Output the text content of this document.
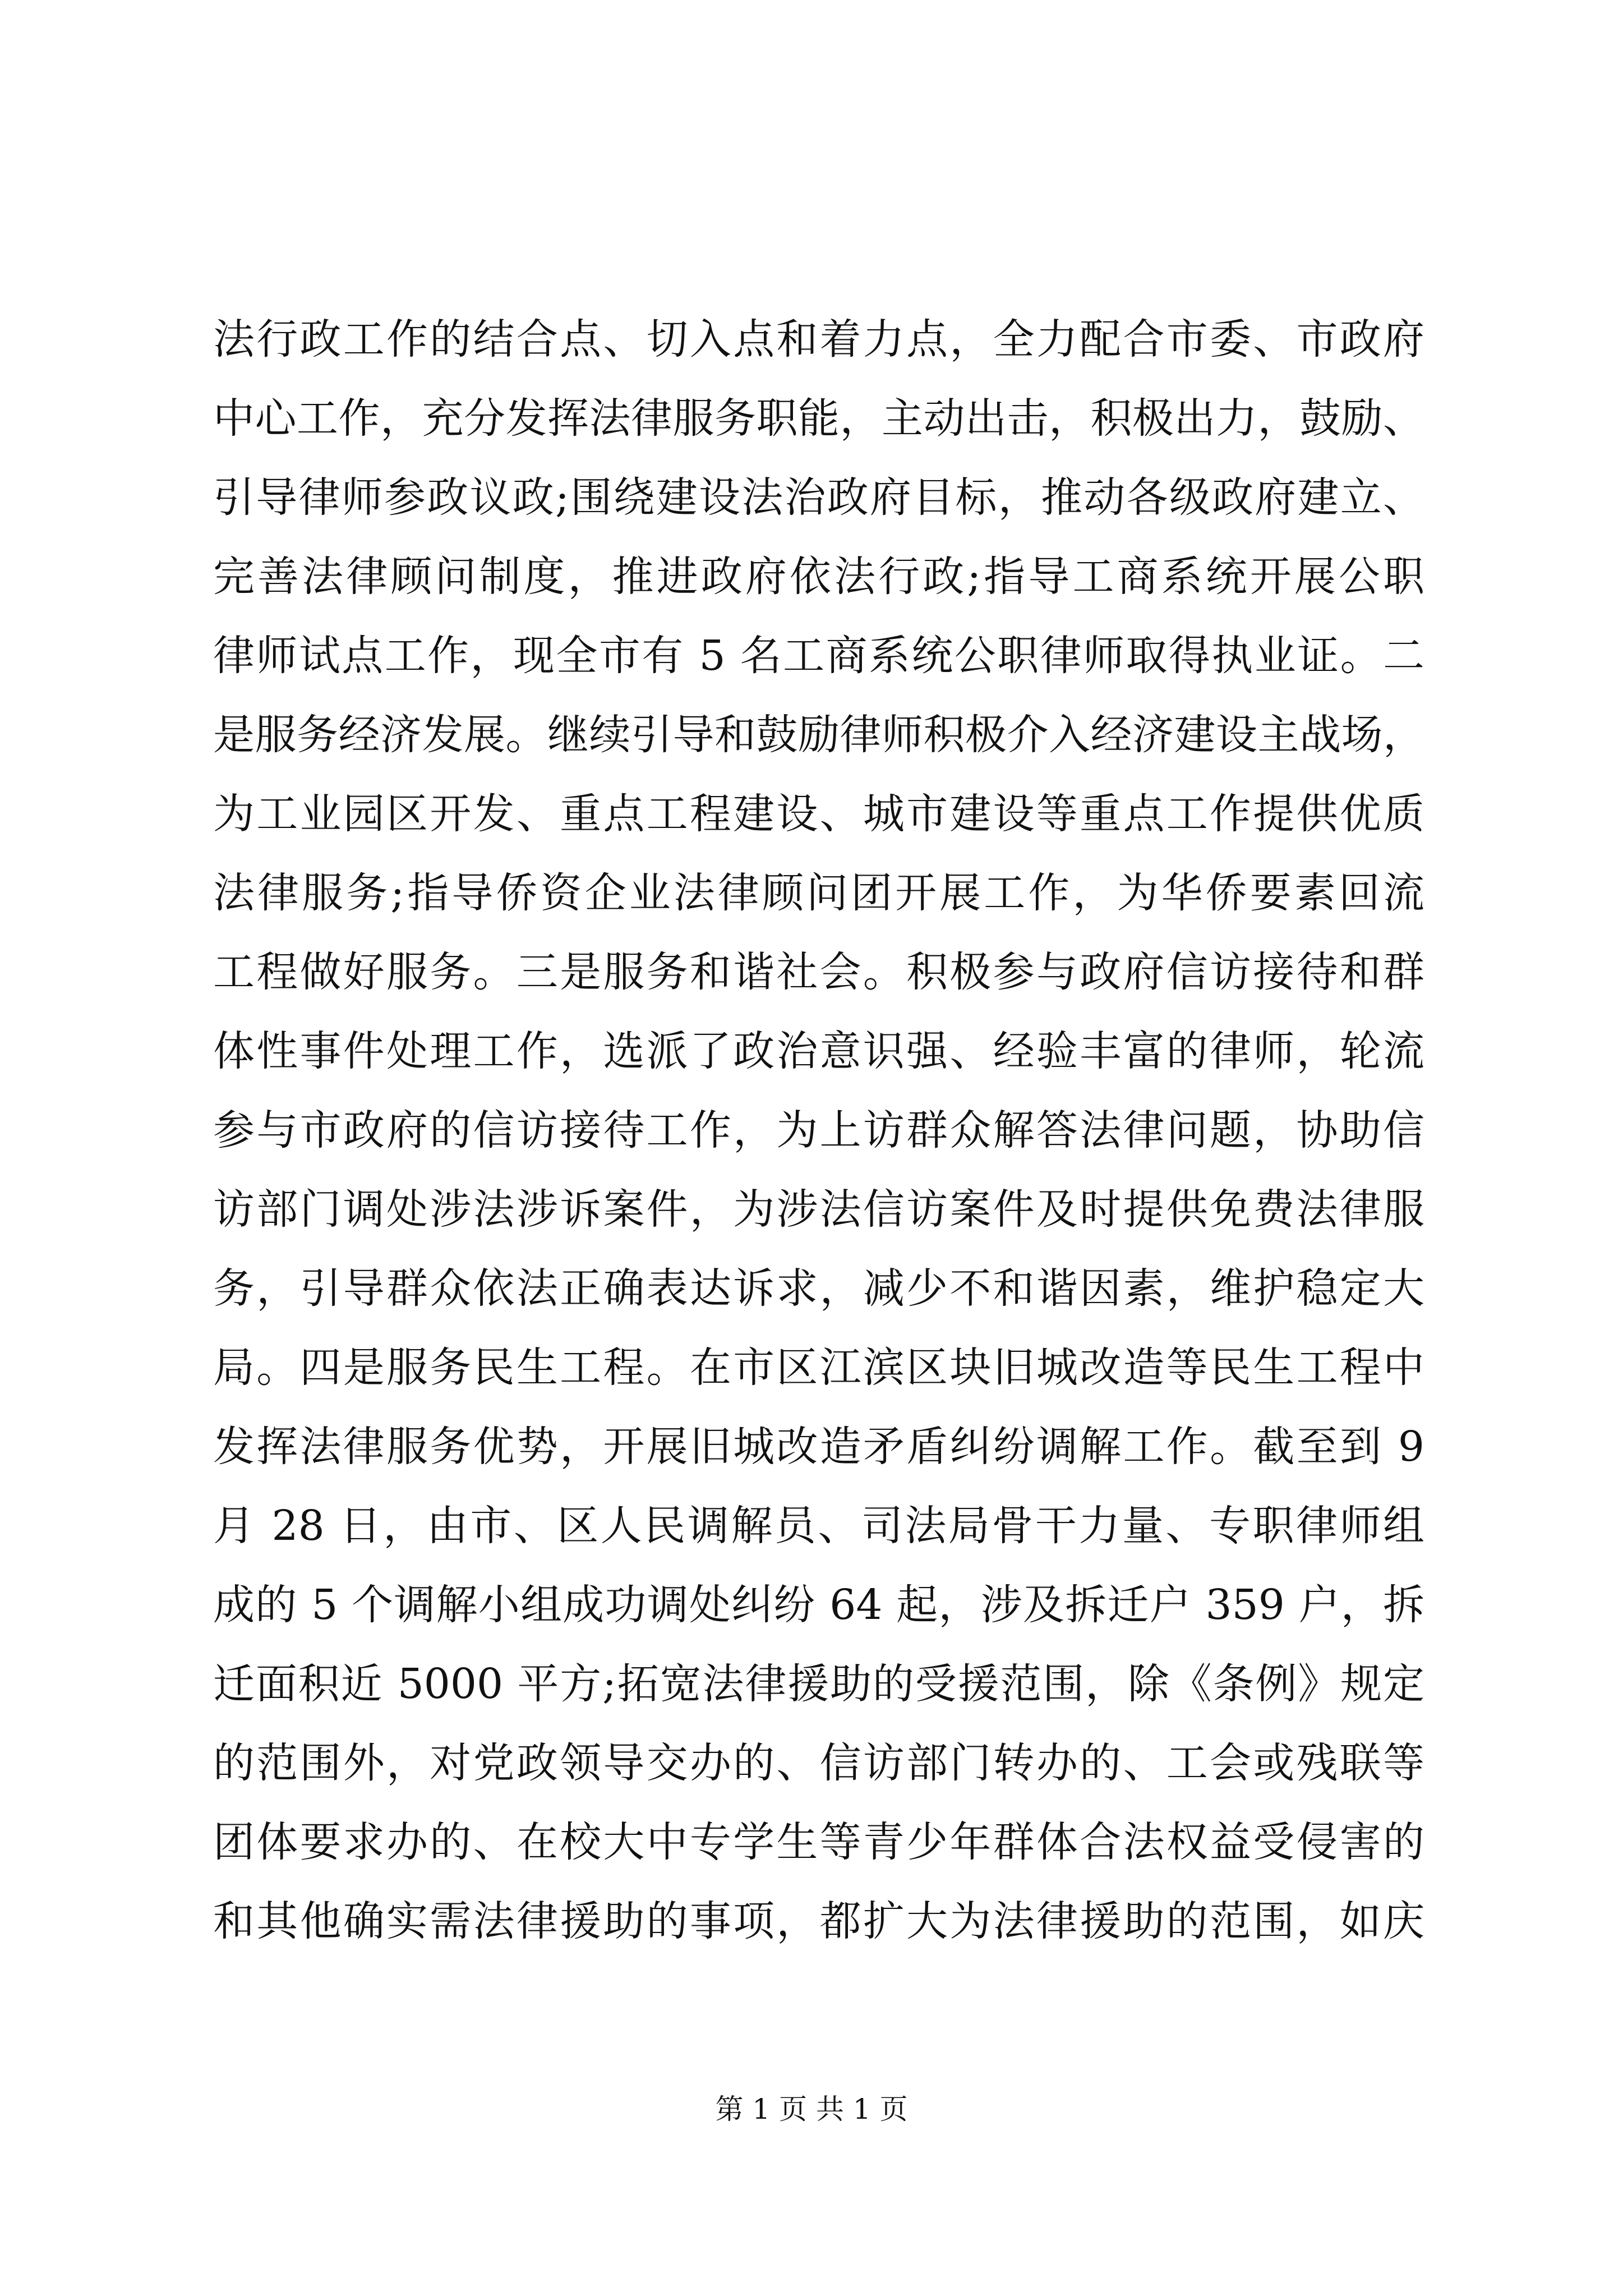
法行政工作的结合点、切入点和着力点，全力配合市委、市政府
中心工作，充分发挥法律服务职能，主动出击，积极出力，鼓励、
引导律师参政议政;围绕建设法治政府目标，推动各级政府建立、
完善法律顾问制度，推进政府依法行政;指导工商系统开展公职
律师试点工作，现全市有 5 名工商系统公职律师取得执业证。二
是服务经济发展。继续引导和鼓励律师积极介入经济建设主战场，
为工业园区开发、重点工程建设、城市建设等重点工作提供优质
法律服务;指导侨资企业法律顾问团开展工作，为华侨要素回流
工程做好服务。三是服务和谐社会。积极参与政府信访接待和群
体性事件处理工作，选派了政治意识强、经验丰富的律师，轮流
参与市政府的信访接待工作，为上访群众解答法律问题，协助信
访部门调处涉法涉诉案件，为涉法信访案件及时提供免费法律服
务，引导群众依法正确表达诉求，减少不和谐因素，维护稳定大
局。四是服务民生工程。在市区江滨区块旧城改造等民生工程中
发挥法律服务优势，开展旧城改造矛盾纠纷调解工作。截至到 9
月 28 日，由市、区人民调解员、司法局骨干力量、专职律师组
成的 5 个调解小组成功调处纠纷 64 起，涉及拆迁户 359 户，拆
迁面积近 5000 平方;拓宽法律援助的受援范围，除《条例》规定
的范围外，对党政领导交办的、信访部门转办的、工会或残联等
团体要求办的、在校大中专学生等青少年群体合法权益受侵害的
和其他确实需法律援助的事项，都扩大为法律援助的范围，如庆
第 1 页 共 1 页
